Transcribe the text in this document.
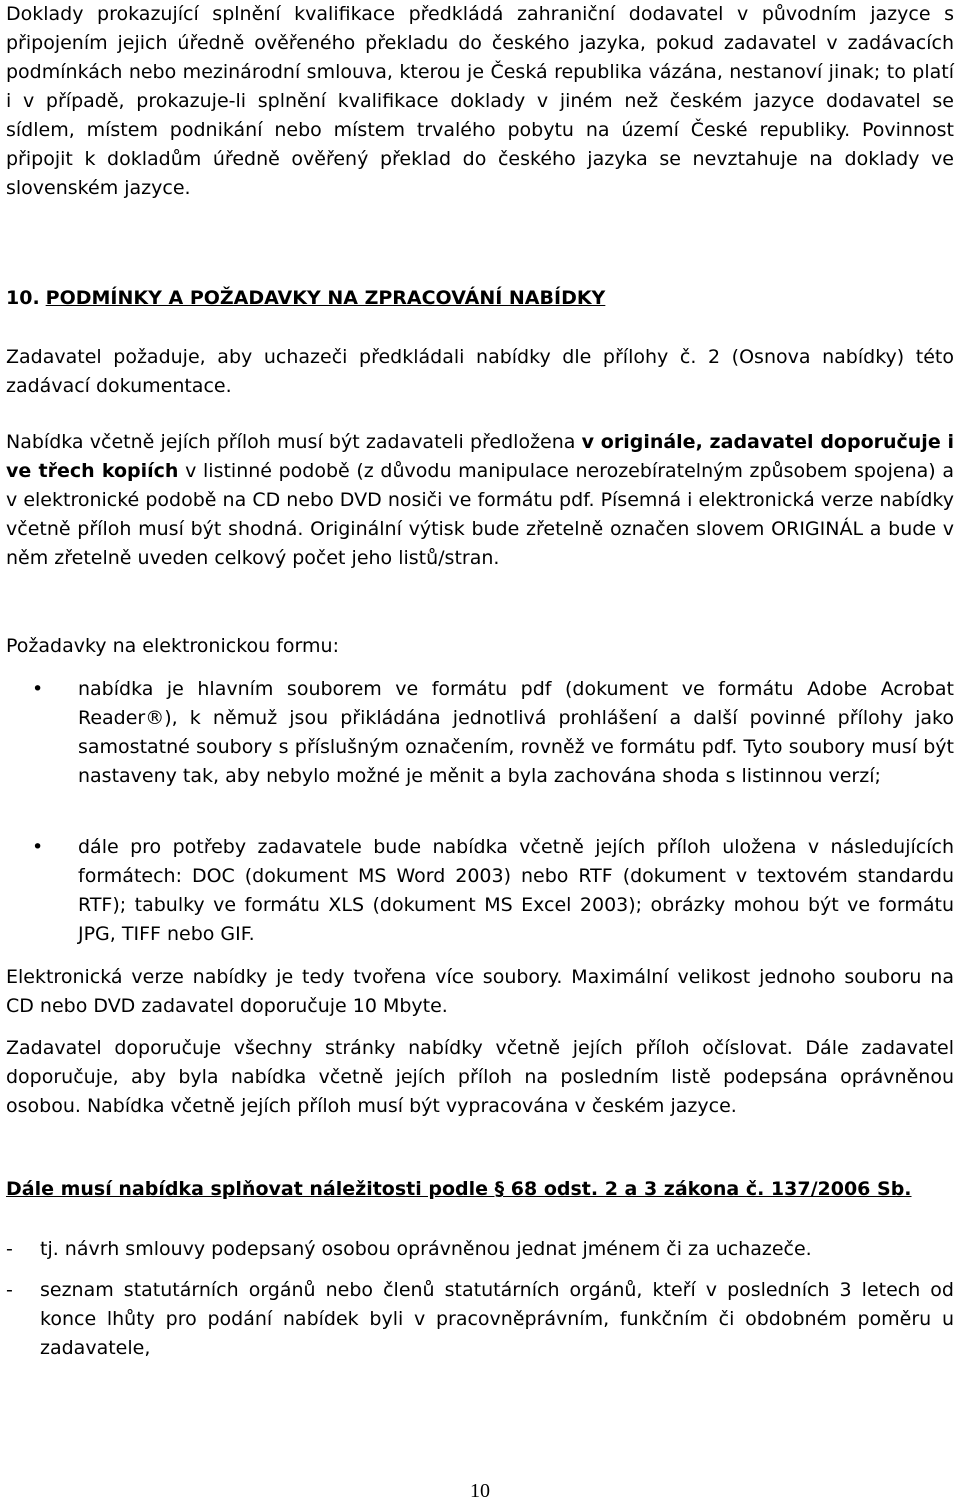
Doklady prokazující splnění kvalifikace předkládá zahraniční dodavatel v původním jazyce s připojením jejich úředně ověřeného překladu do českého jazyka, pokud zadavatel v zadávacích podmínkách nebo mezinárodní smlouva, kterou je Česká republika vázána, nestanoví jinak; to platí i v případě, prokazuje-li splnění kvalifikace doklady v jiném než českém jazyce dodavatel se sídlem, místem podnikání nebo místem trvalého pobytu na území České republiky. Povinnost připojit k dokladům úředně ověřený překlad do českého jazyka se nevztahuje na doklady ve slovenském jazyce.

10. PODMÍNKY A POŽADAVKY NA ZPRACOVÁNÍ NABÍDKY

Zadavatel požaduje, aby uchazeči předkládali nabídky dle přílohy č. 2 (Osnova nabídky) této zadávací dokumentace.

Nabídka včetně jejích příloh musí být zadavateli předložena v originále, zadavatel doporučuje i ve třech kopiích v listinné podobě (z důvodu manipulace nerozebíratelným způsobem spojena) a v elektronické podobě na CD nebo DVD nosiči ve formátu pdf. Písemná i elektronická verze nabídky včetně příloh musí být shodná. Originální výtisk bude zřetelně označen slovem ORIGINÁL a bude v něm zřetelně uveden celkový počet jeho listů/stran.

Požadavky na elektronickou formu:

• nabídka je hlavním souborem ve formátu pdf (dokument ve formátu Adobe Acrobat Reader®), k němuž jsou přikládána jednotlivá prohlášení a další povinné přílohy jako samostatné soubory s příslušným označením, rovněž ve formátu pdf. Tyto soubory musí být nastaveny tak, aby nebylo možné je měnit a byla zachována shoda s listinnou verzí;

• dále pro potřeby zadavatele bude nabídka včetně jejích příloh uložena v následujících formátech: DOC (dokument MS Word 2003) nebo RTF (dokument v textovém standardu RTF); tabulky ve formátu XLS (dokument MS Excel 2003); obrázky mohou být ve formátu JPG, TIFF nebo GIF.

Elektronická verze nabídky je tedy tvořena více soubory. Maximální velikost jednoho souboru na CD nebo DVD zadavatel doporučuje 10 Mbyte.

Zadavatel doporučuje všechny stránky nabídky včetně jejích příloh očíslovat. Dále zadavatel doporučuje, aby byla nabídka včetně jejích příloh na posledním listě podepsána oprávněnou osobou. Nabídka včetně jejích příloh musí být vypracována v českém jazyce.

Dále musí nabídka splňovat náležitosti podle § 68 odst. 2 a 3 zákona č. 137/2006 Sb.

- tj. návrh smlouvy podepsaný osobou oprávněnou jednat jménem či za uchazeče.

- seznam statutárních orgánů nebo členů statutárních orgánů, kteří v posledních 3 letech od konce lhůty pro podání nabídek byli v pracovněprávním, funkčním či obdobném poměru u zadavatele,

10
